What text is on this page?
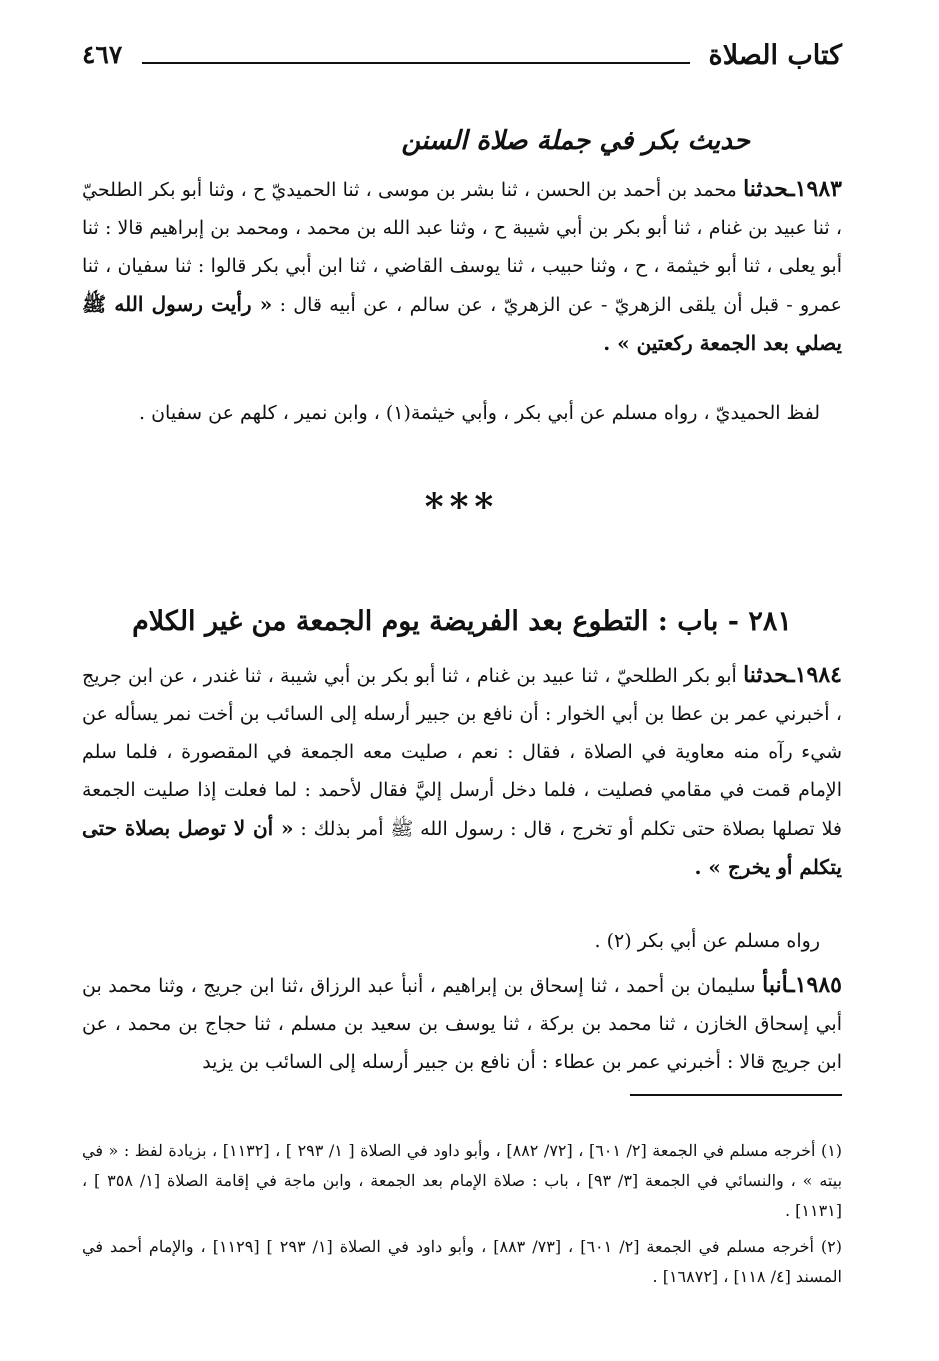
كتاب الصلاة
٤٦٧
حديث بكر في جملة صلاة السنن
١٩٨٣ـحدثنا محمد بن أحمد بن الحسن ، ثنا بشر بن موسى ، ثنا الحميديّ ح ، وثنا أبو بكر الطلحيّ ، ثنا عبيد بن غنام ، ثنا أبو بكر بن أبي شيبة ح ، وثنا عبد الله بن محمد ، ومحمد بن إبراهيم قالا : ثنا أبو يعلى ، ثنا أبو خيثمة ، ح ، وثنا حبيب ، ثنا يوسف القاضي ، ثنا ابن أبي بكر قالوا : ثنا سفيان ، ثنا عمرو - قبل أن يلقى الزهريّ - عن الزهريّ ، عن سالم ، عن أبيه قال : « رأيت رسول الله ﷺ يصلي بعد الجمعة ركعتين » .
لفظ الحميديّ ، رواه مسلم عن أبي بكر ، وأبي خيثمة(١) ، وابن نمير ، كلهم عن سفيان .
***
٢٨١ - باب : التطوع بعد الفريضة يوم الجمعة من غير الكلام
١٩٨٤ـحدثنا أبو بكر الطلحيّ ، ثنا عبيد بن غنام ، ثنا أبو بكر بن أبي شيبة ، ثنا غندر ، عن ابن جريج ، أخبرني عمر بن عطا بن أبي الخوار : أن نافع بن جبير أرسله إلى السائب بن أخت نمر يسأله عن شيء رآه منه معاوية في الصلاة ، فقال : نعم ، صليت معه الجمعة في المقصورة ، فلما سلم الإمام قمت في مقامي فصليت ، فلما دخل أرسل إليَّ فقال لأحمد : لما فعلت إذا صليت الجمعة فلا تصلها بصلاة حتى تكلم أو تخرج ، قال : رسول الله ﷺ أمر بذلك : « أن لا توصل بصلاة حتى يتكلم أو يخرج » .
رواه مسلم عن أبي بكر (٢) .
١٩٨٥ـأنبأ سليمان بن أحمد ، ثنا إسحاق بن إبراهيم ، أنبأ عبد الرزاق ،ثنا ابن جريج ، وثنا محمد بن أبي إسحاق الخازن ، ثنا محمد بن بركة ، ثنا يوسف بن سعيد بن مسلم ، ثنا حجاج بن محمد ، عن ابن جريج قالا : أخبرني عمر بن عطاء : أن نافع بن جبير أرسله إلى السائب بن يزيد
(١) أخرجه مسلم في الجمعة [٢/ ٦٠١] ، [٧٢/ ٨٨٢] ، وأبو داود في الصلاة [ ١/ ٢٩٣ ] ، [١١٣٢] ، بزيادة لفظ : « في بيته » ، والنسائي في الجمعة [٣/ ٩٣] ، باب : صلاة الإمام بعد الجمعة ، وابن ماجة في إقامة الصلاة [١/ ٣٥٨ ] ، [١١٣١] .
(٢) أخرجه مسلم في الجمعة [٢/ ٦٠١] ، [٧٣/ ٨٨٣] ، وأبو داود في الصلاة [١/ ٢٩٣ ] [١١٢٩] ، والإمام أحمد في المسند [٤/ ١١٨] ، [١٦٨٧٢] .
